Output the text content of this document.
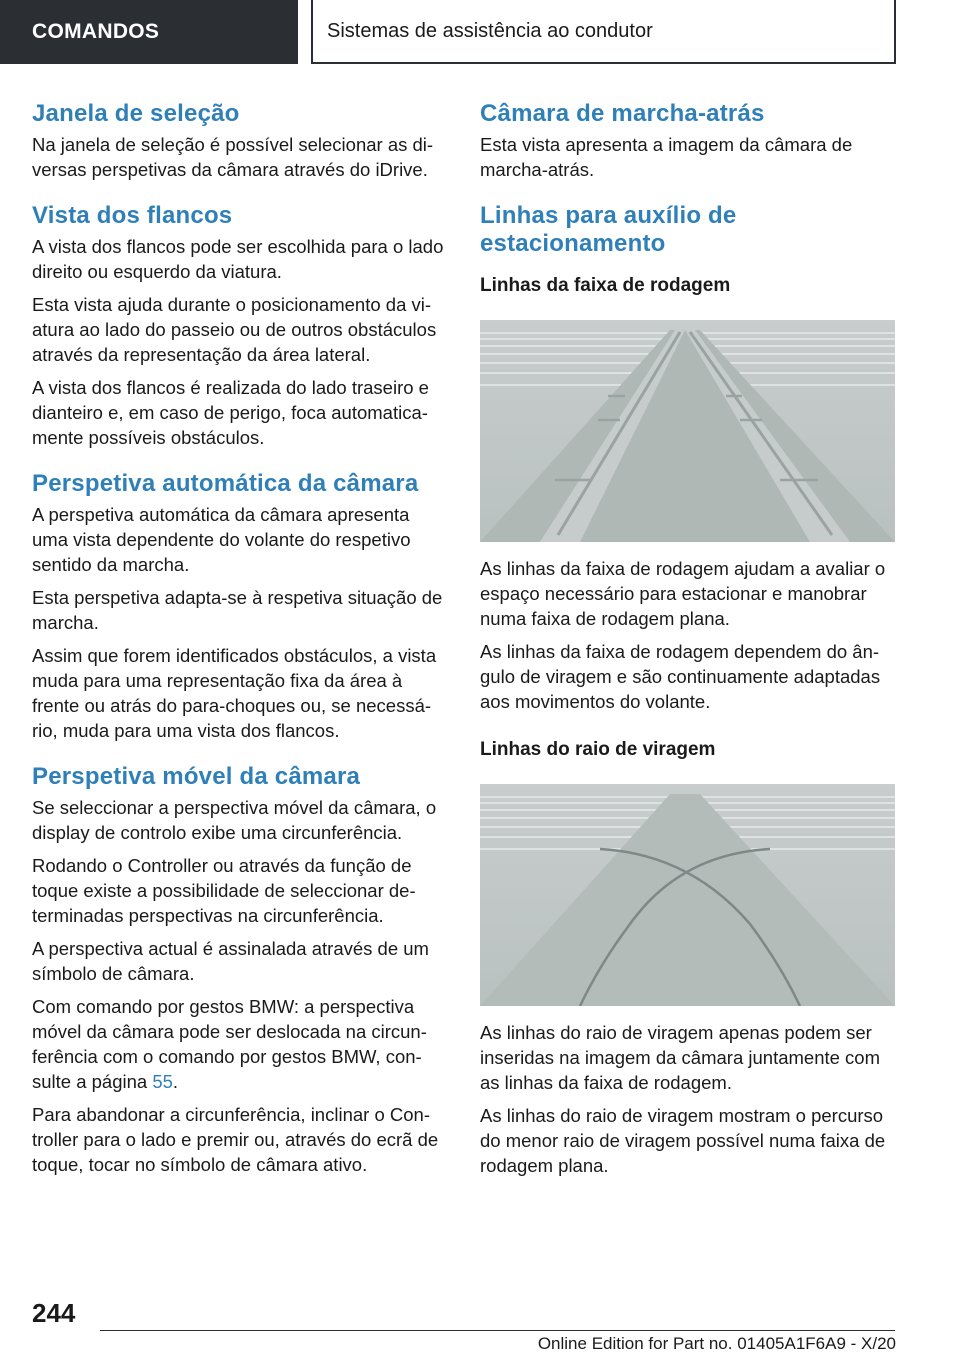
COMANDOS	Sistemas de assistência ao condutor
Janela de seleção

Na janela de seleção é possível selecionar as di-versas perspetivas da câmara através do iDrive.

Vista dos flancos

A vista dos flancos pode ser escolhida para o lado direito ou esquerdo da viatura.

Esta vista ajuda durante o posicionamento da vi-atura ao lado do passeio ou de outros obstáculos através da representação da área lateral.

A vista dos flancos é realizada do lado traseiro e dianteiro e, em caso de perigo, foca automatica-mente possíveis obstáculos.

Perspetiva automática da câmara

A perspetiva automática da câmara apresenta uma vista dependente do volante do respetivo sentido da marcha.

Esta perspetiva adapta-se à respetiva situação de marcha.

Assim que forem identificados obstáculos, a vista muda para uma representação fixa da área à frente ou atrás do para-choques ou, se necessá-rio, muda para uma vista dos flancos.

Perspetiva móvel da câmara

Se seleccionar a perspectiva móvel da câmara, o display de controlo exibe uma circunferência.

Rodando o Controller ou através da função de toque existe a possibilidade de seleccionar de-terminadas perspectivas na circunferência.

A perspectiva actual é assinalada através de um símbolo de câmara.

Com comando por gestos BMW: a perspectiva móvel da câmara pode ser deslocada na circun-ferência com o comando por gestos BMW, con-sulte a página 55.

Para abandonar a circunferência, inclinar o Con-troller para o lado e premir ou, através do ecrã de toque, tocar no símbolo de câmara ativo.

Câmara de marcha-atrás

Esta vista apresenta a imagem da câmara de marcha-atrás.

Linhas para auxílio de estacionamento
Linhas da faixa de rodagem

As linhas da faixa de rodagem ajudam a avaliar o espaço necessário para estacionar e manobrar numa faixa de rodagem plana.

As linhas da faixa de rodagem dependem do ân-gulo de viragem e são continuamente adaptadas aos movimentos do volante.

Linhas do raio de viragem

As linhas do raio de viragem apenas podem ser inseridas na imagem da câmara juntamente com as linhas da faixa de rodagem.

As linhas do raio de viragem mostram o percurso do menor raio de viragem possível numa faixa de rodagem plana.

244
Online Edition for Part no. 01405A1F6A9 - X/20
